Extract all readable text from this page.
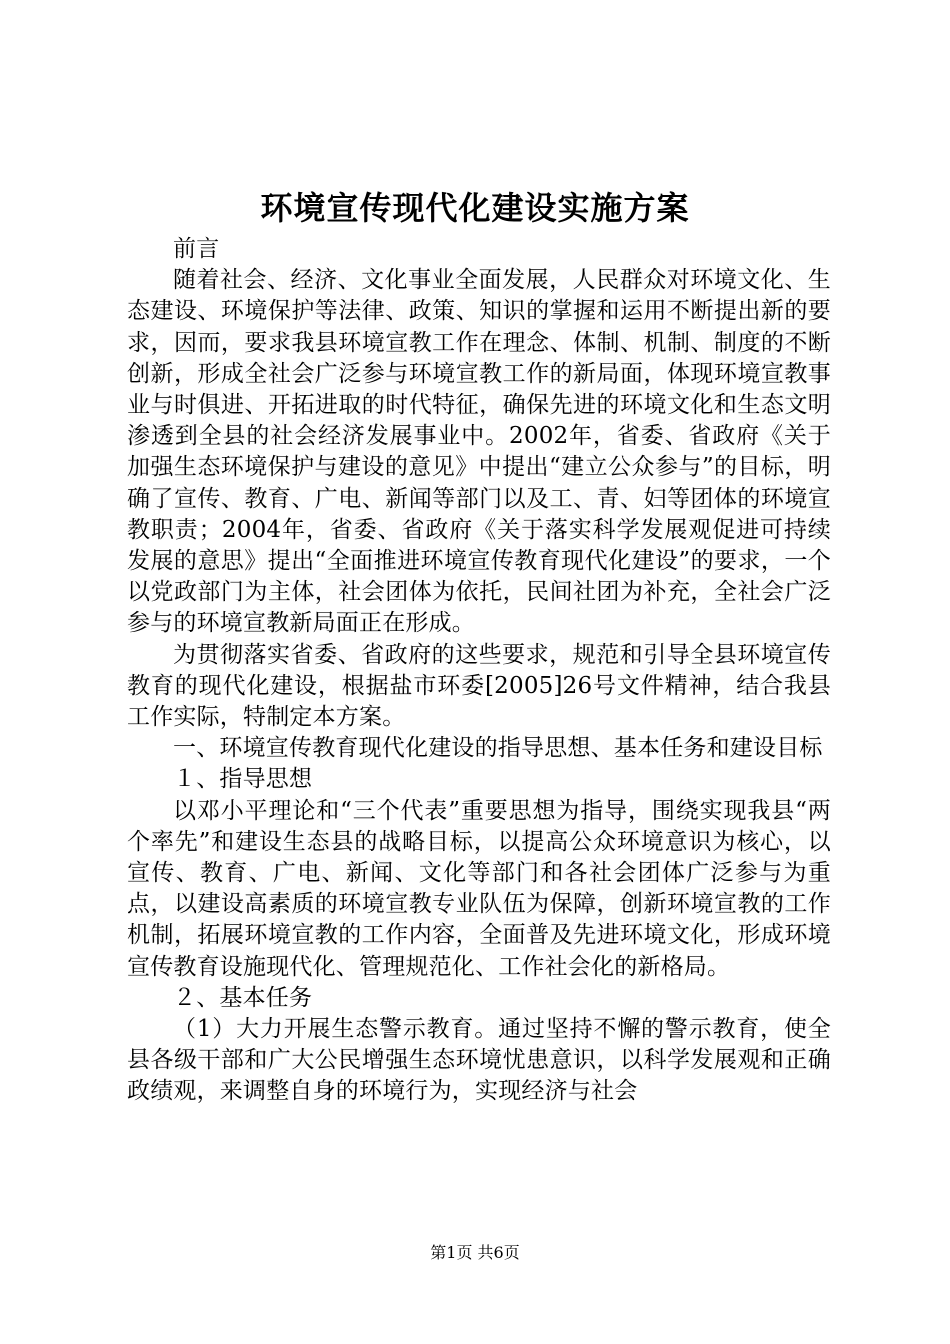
环境宣传现代化建设实施方案

前言

随着社会、经济、文化事业全面发展，人民群众对环境文化、生态建设、环境保护等法律、政策、知识的掌握和运用不断提出新的要求，因而，要求我县环境宣教工作在理念、体制、机制、制度的不断创新，形成全社会广泛参与环境宣教工作的新局面，体现环境宣教事业与时俱进、开拓进取的时代特征，确保先进的环境文化和生态文明渗透到全县的社会经济发展事业中。2002年，省委、省政府《关于加强生态环境保护与建设的意见》中提出“建立公众参与”的目标，明确了宣传、教育、广电、新闻等部门以及工、青、妇等团体的环境宣教职责；2004年，省委、省政府《关于落实科学发展观促进可持续发展的意思》提出“全面推进环境宣传教育现代化建设”的要求，一个以党政部门为主体，社会团体为依托，民间社团为补充，全社会广泛参与的环境宣教新局面正在形成。

为贯彻落实省委、省政府的这些要求，规范和引导全县环境宣传教育的现代化建设，根据盐市环委[2005]26号文件精神，结合我县工作实际，特制定本方案。

一、环境宣传教育现代化建设的指导思想、基本任务和建设目标

１、指导思想

以邓小平理论和“三个代表”重要思想为指导，围绕实现我县“两个率先”和建设生态县的战略目标，以提高公众环境意识为核心，以宣传、教育、广电、新闻、文化等部门和各社会团体广泛参与为重点，以建设高素质的环境宣教专业队伍为保障，创新环境宣教的工作机制，拓展环境宣教的工作内容，全面普及先进环境文化，形成环境宣传教育设施现代化、管理规范化、工作社会化的新格局。

２、基本任务

（1）大力开展生态警示教育。通过坚持不懈的警示教育，使全县各级干部和广大公民增强生态环境忧患意识，以科学发展观和正确政绩观，来调整自身的环境行为，实现经济与社会

第1页 共6页
